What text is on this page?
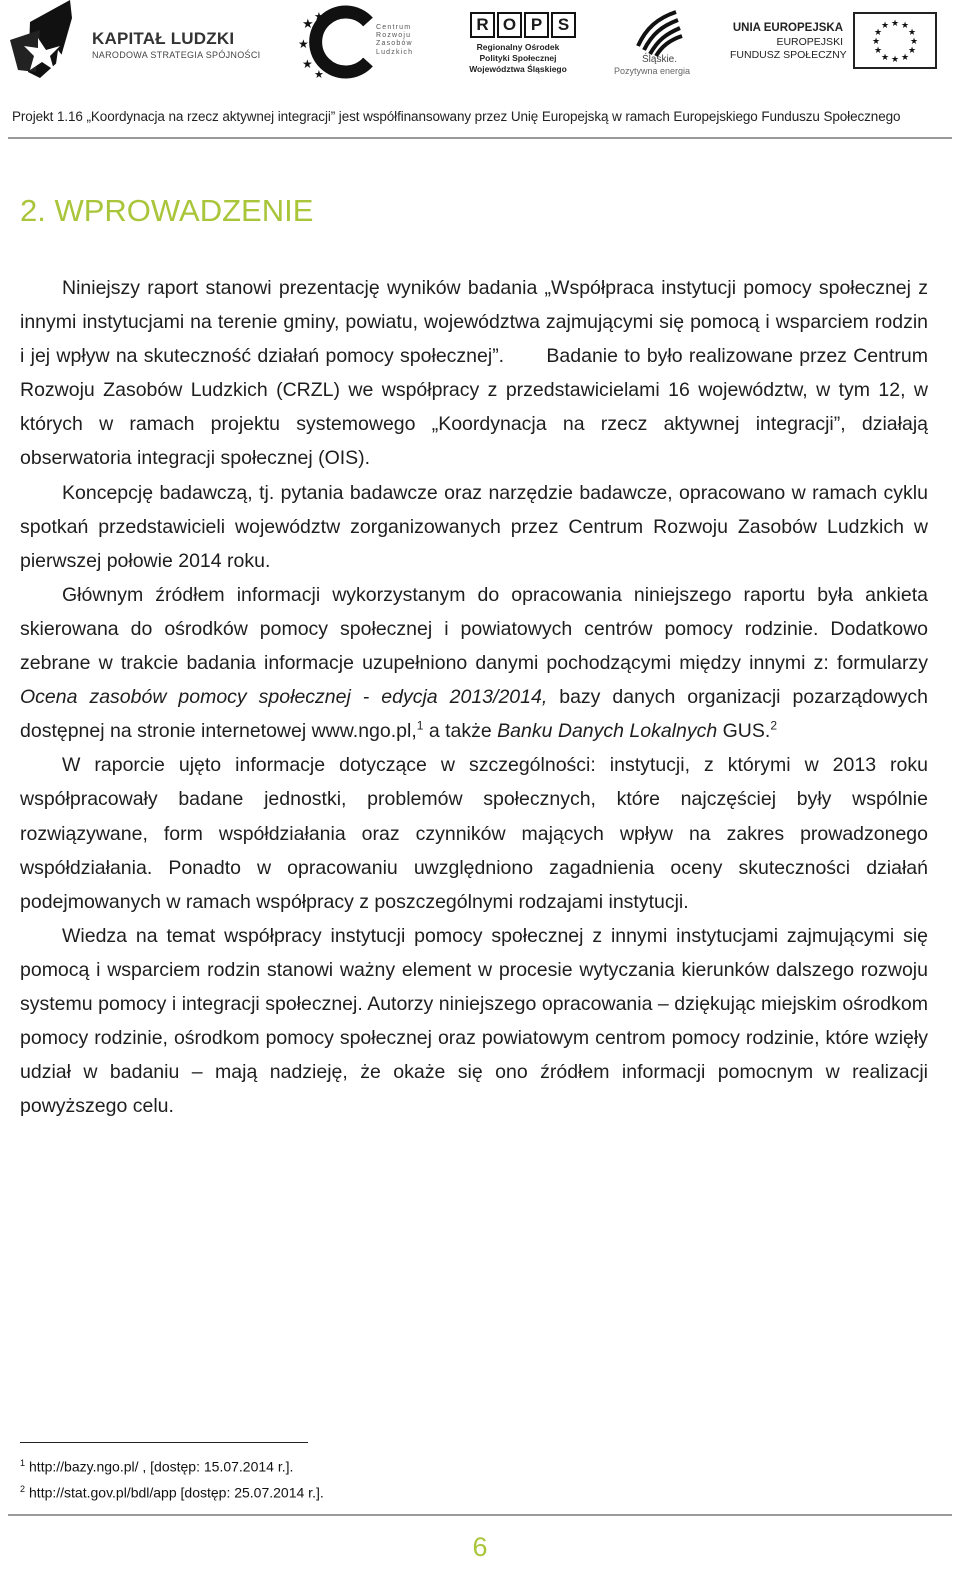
KAPITAŁ LUDZKI
NARODOWA STRATEGIA SPÓJNOŚCI
★ ★ ★
★
★
★
Centrum
Rozwoju
Zasobów
Ludzkich
R O P S
Regionalny Ośrodek
Polityki Społecznej
Województwa Śląskiego
Śląskie.
Pozytywna energia
UNIA EUROPEJSKA
EUROPEJSKI
FUNDUSZ SPOŁECZNY
★ ★
★
★
★
★
★
★
★
★
★
★
Projekt 1.16 „Koordynacja na rzecz aktywnej integracji” jest współfinansowany przez Unię Europejską w ramach Europejskiego Funduszu Społecznego
2. WPROWADZENIE

Niniejszy raport stanowi prezentację wyników badania „Współpraca instytucji pomocy społecznej z innymi instytucjami na terenie gminy, powiatu, województwa zajmującymi się pomocą i wsparciem rodzin i jej wpływ na skuteczność działań pomocy społecznej”. Badanie to było realizowane przez Centrum Rozwoju Zasobów Ludzkich (CRZL) we współpracy z przedstawicielami 16 województw, w tym 12, w których w ramach projektu systemowego „Koordynacja na rzecz aktywnej integracji”, działają obserwatoria integracji społecznej (OIS).

Koncepcję badawczą, tj. pytania badawcze oraz narzędzie badawcze, opracowano w ramach cyklu spotkań przedstawicieli województw zorganizowanych przez Centrum Rozwoju Zasobów Ludzkich w pierwszej połowie 2014 roku.

Głównym źródłem informacji wykorzystanym do opracowania niniejszego raportu była ankieta skierowana do ośrodków pomocy społecznej i powiatowych centrów pomocy rodzinie. Dodatkowo zebrane w trakcie badania informacje uzupełniono danymi pochodzącymi między innymi z: formularzy Ocena zasobów pomocy społecznej - edycja 2013/2014, bazy danych organizacji pozarządowych dostępnej na stronie internetowej www.ngo.pl,$^1$ a także Banku Danych Lokalnych GUS.$^2$

W raporcie ujęto informacje dotyczące w szczególności: instytucji, z którymi w 2013 roku współpracowały badane jednostki, problemów społecznych, które najczęściej były wspólnie rozwiązywane, form współdziałania oraz czynników mających wpływ na zakres prowadzonego współdziałania. Ponadto w opracowaniu uwzględniono zagadnienia oceny skuteczności działań podejmowanych w ramach współpracy z poszczególnymi rodzajami instytucji.

Wiedza na temat współpracy instytucji pomocy społecznej z innymi instytucjami zajmującymi się pomocą i wsparciem rodzin stanowi ważny element w procesie wytyczania kierunków dalszego rozwoju systemu pomocy i integracji społecznej. Autorzy niniejszego opracowania – dziękując miejskim ośrodkom pomocy rodzinie, ośrodkom pomocy społecznej oraz powiatowym centrom pomocy rodzinie, które wzięły udział w badaniu – mają nadzieję, że okaże się ono źródłem informacji pomocnym w realizacji powyższego celu.

$^1$ http://bazy.ngo.pl/ , [dostęp: 15.07.2014 r.].
$^2$ http://stat.gov.pl/bdl/app [dostęp: 25.07.2014 r.].
6
